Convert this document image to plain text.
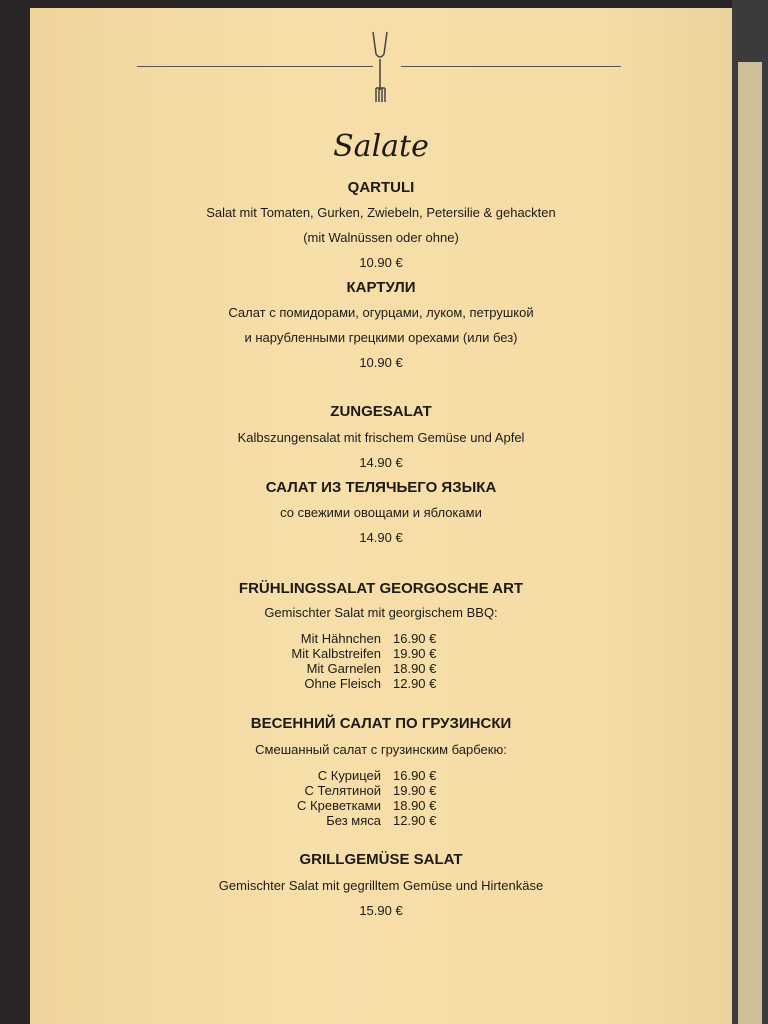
Salate
QARTULI
Salat mit Tomaten, Gurken, Zwiebeln, Petersilie & gehackten
(mit Walnüssen oder ohne)
10.90 €
КАРТУЛИ
Салат с помидорами, огурцами, луком, петрушкой
и нарубленными грецкими орехами (или без)
10.90 €
ZUNGESALAT
Kalbszungensalat mit frischem Gemüse und Apfel
14.90 €
САЛАТ ИЗ ТЕЛЯЧЬЕГО ЯЗЫКА
со свежими овощами и яблоками
14.90 €
FRÜHLINGSSALAT GEORGOSCHE ART
Gemischter Salat mit georgischem BBQ:
Mit Hähnchen 16.90 €
Mit Kalbstreifen 19.90 €
Mit Garnelen 18.90 €
Ohne Fleisch 12.90 €
ВЕСЕННИЙ САЛАТ ПО ГРУЗИНСКИ
Смешанный салат с грузинским барбекю:
С Курицей 16.90 €
С Телятиной 19.90 €
С Креветками 18.90 €
Без мяса 12.90 €
GRILLGEMÜSE SALAT
Gemischter Salat mit gegrilltem Gemüse und Hirtenkäse
15.90 €
